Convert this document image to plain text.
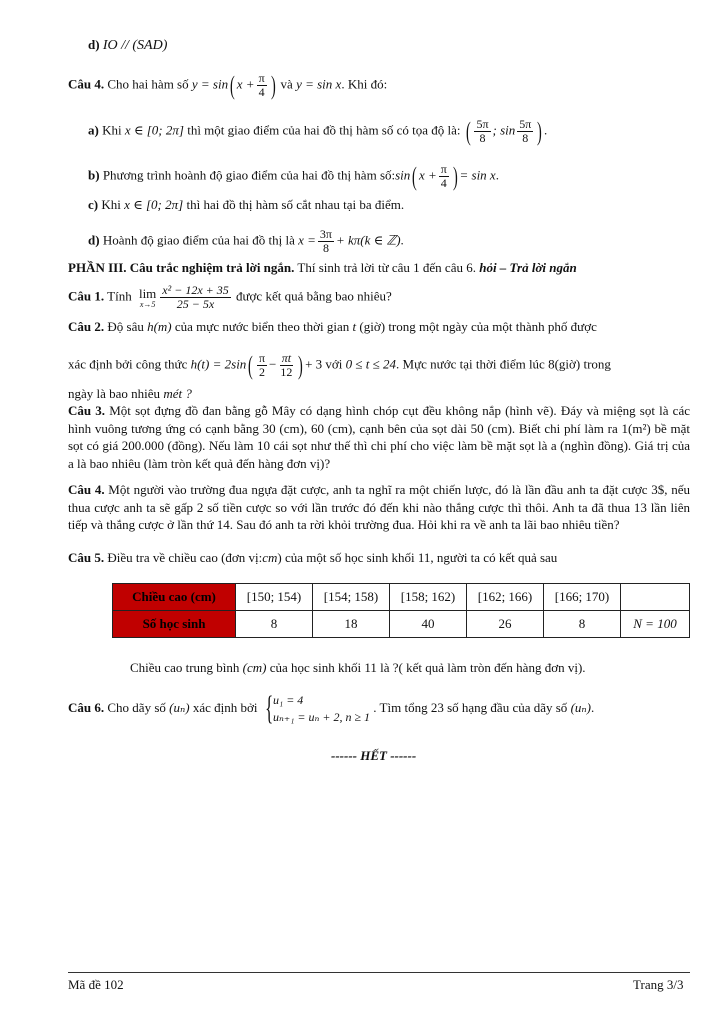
d) IO // (SAD)
Câu 4. Cho hai hàm số y = sin( $x + \frac{\pi}{4}$ ) và y = sin x. Khi đó:
a) Khi x ∈ [0; 2π] thì một giao điểm của hai đồ thị hàm số có tọa độ là: ( $\frac{5\pi}{8}$ ; $\sin \frac{5\pi}{8}$ ) .
b) Phương trình hoành độ giao điểm của hai đồ thị hàm số:sin( $x + \frac{\pi}{4}$ ) = sin x.
c) Khi x ∈ [0; 2π] thì hai đồ thị hàm số cắt nhau tại ba điểm.
d) Hoành độ giao điểm của hai đồ thị là $x = \frac{3\pi}{8} + k\pi(k$ ∈ ℤ).
PHẦN III. Câu trắc nghiệm trả lời ngắn. Thí sinh trả lời từ câu 1 đến câu 6. hỏi – Trả lời ngắn
Câu 1. Tính lim
$x\to 5 \frac{\text{x² − 12x + 35}}{25 - 5x}$ được kết quả bằng bao nhiêu?
Câu 2. Độ sâu h(m) của mực nước biển theo thời gian t (giờ) trong một ngày của một thành phố được
xác định bởi công thức $h(t) = 2\sin( \frac{\pi}{2} - \frac{\pi t}{12}$ ) + 3 với 0 ≤ t ≤ 24. Mực nước tại thời điểm lúc 8(giờ) trong
ngày là bao nhiêu mét ?
Câu 3. Một sọt đựng đồ đan bằng gỗ Mây có dạng hình chóp cụt đều không nắp (hình vẽ). Đáy và miệng sọt là các hình vuông tương ứng có cạnh bằng 30 (cm), 60 (cm), cạnh bên của sọt dài 50 (cm). Biết chi phí làm ra 1(m²) bề mặt sọt có giá 200.000 (đồng). Nếu làm 10 cái sọt như thế thì chi phí cho việc làm bề mặt sọt là a (nghìn đồng). Giá trị của a là bao nhiêu (làm tròn kết quả đến hàng đơn vị)?
Câu 4. Một người vào trường đua ngựa đặt cược, anh ta nghĩ ra một chiến lược, đó là lần đầu anh ta đặt cược 3$, nếu thua cược anh ta sẽ gấp 2 số tiền cược so với lần trước đó đến khi nào thắng cược thì thôi. Anh ta đã thua 13 lần liên tiếp và thắng cược ở lần thứ 14. Sau đó anh ta rời khỏi trường đua. Hỏi khi ra về anh ta lãi bao nhiêu tiền?
Câu 5. Điều tra về chiều cao (đơn vị:cm) của một số học sinh khối 11, người ta có kết quả sau
Chiều cao (cm)	[150; 154)	[154; 158)	[158; 162)	[162; 166)	[166; 170)	
Số học sinh	8	18	40	26	8	N = 100
Chiều cao trung bình (cm) của học sinh khối 11 là ?( kết quả làm tròn đến hàng đơn vị).
Câu 6. Cho dãy số (uₙ) xác định bởi { u₁ = 4
uₙ₊₁ = uₙ + 2, n ≥ 1
. Tìm tổng 23 số hạng đầu của dãy số (uₙ).
------ HẾT ------
Mã đề 102	Trang 3/3
